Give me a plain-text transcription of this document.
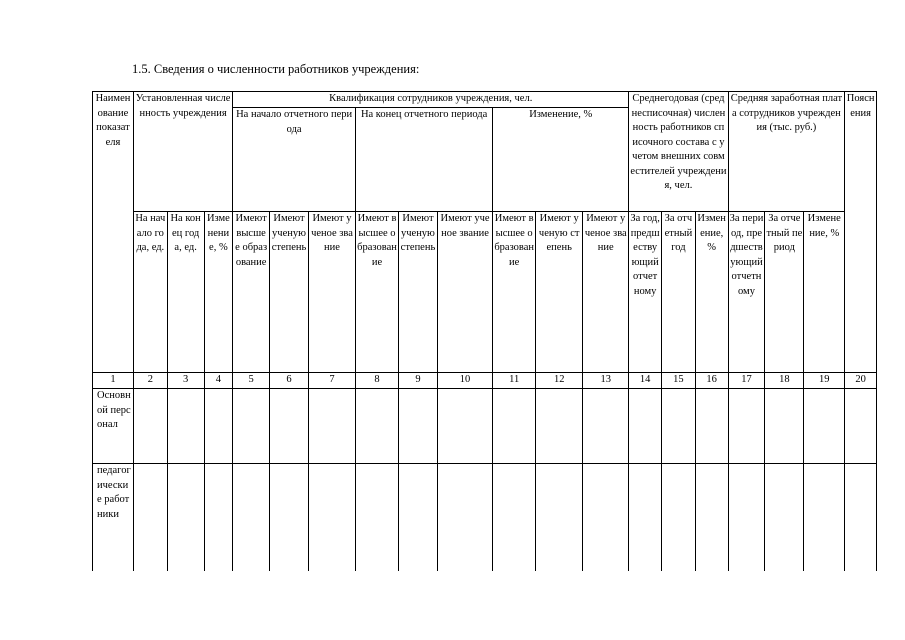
1.5. Сведения о численности работников учреждения:
Наименование показателя	Установленная численность учреждения			Квалификация сотрудников учреждения, чел.									Среднегодовая (среднесписочная) численность работников списочного состава с учетом внешних совместителей учреждения, чел.			Средняя заработная плата сотрудников учреждения (тыс. руб.)			Пояснения
				На начало отчетного периода			На конец отчетного периода			Изменение, %									
	На начало года, ед.	На конец года, ед.	Изменение, %	Имеют высшее образование	Имеют ученую степень	Имеют ученое звание	Имеют высшее образование	Имеют ученую степень	Имеют ученое звание	Имеют высшее образование	Имеют ученую степень	Имеют ученое звание	За год, предшествующий отчетному	За отчетный год	Изменение, %	За период, предшествующий отчетному	За отчетный период	Изменение, %	
1	2	3	4	5	6	7	8	9	10	11	12	13	14	15	16	17	18	19	20
Основной персонал																			
педагогические работники																			
